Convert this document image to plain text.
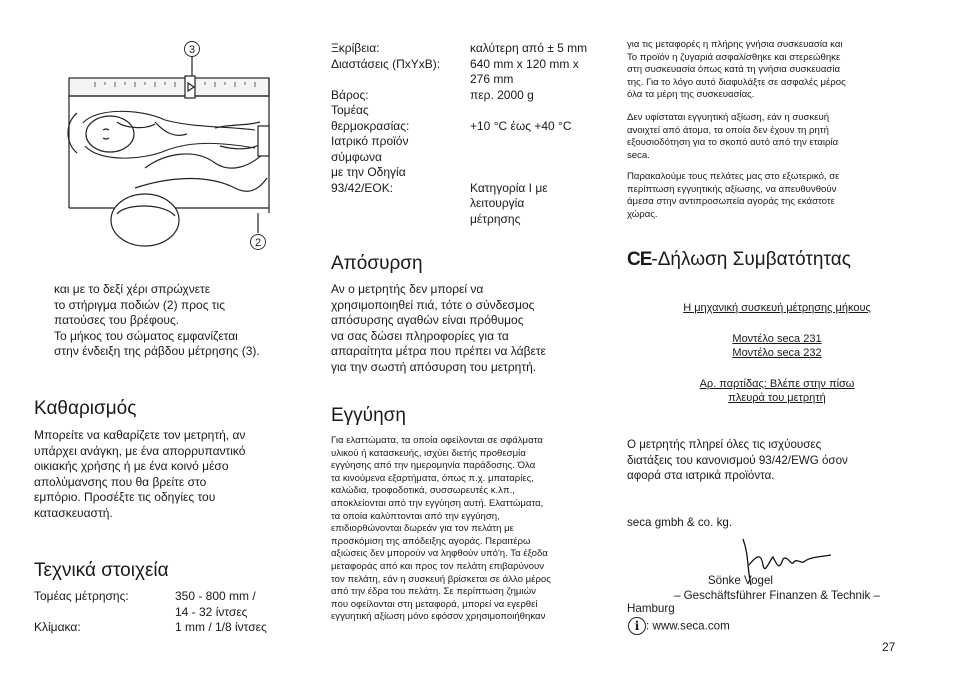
3
2

και με το δεξί χέρι σπρώχνετε

το στήριγμα ποδιών (2) προς τις

πατούσες του βρέφους.

Το μήκος του σώματος εμφανίζεται

στην ένδειξη της ράβδου μέτρησης (3).

Καθαρισμός

Μπορείτε να καθαρίζετε τον μετρητή, αν

υπάρχει ανάγκη, με ένα απορρυπαντικό

οικιακής χρήσης ή με ένα κοινό μέσο

απολύμανσης που θα βρείτε στο

εμπόριο. Προσέξτε τις οδηγίες του

κατασκευαστή.

Τεχνικά στοιχεία
Τομέας μέτρησης:	350 - 800 mm /
	14 - 32 ίντσες
Κλίμακα:	1 mm / 1/8 ίντσες
Ξκρίβεια:	καλύτερη από ± 5 mm
Διαστάσεις (ΠxΥxΒ):	640 mm x 120 mm x
	276 mm
Βάρος:	περ. 2000 g
Τομέας	
θερμοκρασίας:	+10 °C έως +40 °C
Ιατρικό προϊόν	
σύμφωνα	
με την Οδηγία	
93/42/ΕΟΚ:	Κατηγορία I με
	λειτουργία
	μέτρησης
Απόσυρση

Αν ο μετρητής δεν μπορεί να

χρησιμοποιηθεί πιά, τότε ο σύνδεσμος

απόσυρσης αγαθών είναι πρόθυμος

να σας δώσει πληροφορίες για τα

απαραίτητα μέτρα που πρέπει να λάβετε

για την σωστή απόσυρση του μετρητή.

Εγγύηση

Για ελαττώματα, τα οποία οφείλονται σε σφάλματα

υλικού ή κατασκευής, ισχύει διετής προθεσμία

εγγύησης από την ημερομηνία παράδοσης. Όλα

τα κινούμενα εξαρτήματα, όπως π.χ. μπαταρίες,

καλώδια, τροφοδοτικά, συσσωρευτές κ.λπ.,

αποκλείονται από την εγγύηση αυτή. Ελαττώματα,

τα οποία καλύπτονται από την εγγύηση,

επιδιορθώνονται δωρεάν για τον πελάτη με

προσκόμιση της απόδειξης αγοράς. Περαιτέρω

αξιώσεις δεν μπορούν να ληφθούν υπό'η. Τα έξοδα

μεταφοράς από και προς τον πελάτη επιβαρύνουν

τον πελάτη, εάν η συσκευή βρίσκεται σε άλλο μέρος

από την έδρα του πελάτη. Σε περίπτωση ζημιών

που οφείλονται στη μεταφορά, μπορεί να εγερθεί

εγγυητική αξίωση μόνο εφόσον χρησιμοποιήθηκαν

για τις μεταφορές η πλήρης γνήσια συσκευασία και

Το προϊόν η ζυγαριά ασφαλίσθηκε και στερεώθηκε

στη συσκευασία όπως κατά τη γνήσια συσκευασία

της. Για το λόγο αυτό διαφυλάξτε σε ασφαλές μέρος

όλα τα μέρη της συσκευασίας.

Δεν υφίσταται εγγυητική αξίωση, εάν η συσκευή

ανοιχτεί από άτομα, τα οποία δεν έχουν τη ρητή

εξουσιοδότηση για το σκοπό αυτό από την εταιρία

seca.

Παρακαλούμε τους πελάτες μας στο εξωτερικό, σε

περίπτωση εγγυητικής αξίωσης, να απευθυνθούν

άμεσα στην αντιπροσωπεία αγοράς της εκάστοτε

χώρας.

CE-Δήλωση Συμβατότητας

Η μηχανική συσκευή μέτρησης μήκους

Μοντέλο seca 231

Μοντέλο seca 232

Αρ. παρτίδας: Βλέπε στην πίσω

πλευρά του μετρητή

Ο μετρητής πληρεί όλες τις ισχύουσες

διατάξεις του κανονισμού 93/42/EWG όσον

αφορά στα ιατρικά προϊόντα.

seca gmbh & co. kg.

Sönke Vogel

– Geschäftsführer Finanzen & Technik –

Hamburg

i : www.seca.com

27
